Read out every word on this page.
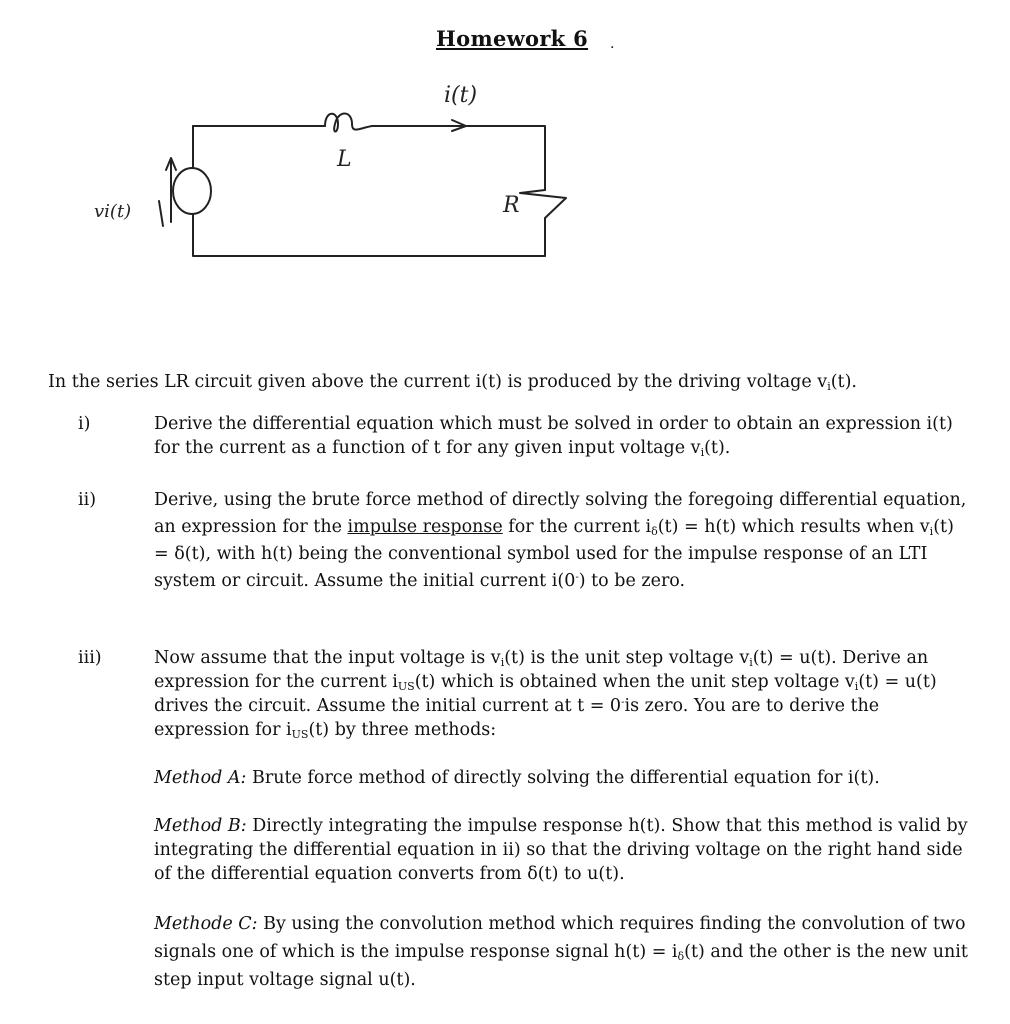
Homework 6 .
i(t)
L
R
vi(t)
In the series LR circuit given above the current i(t) is produced by the driving voltage $v_i(t)$.
i)	Derive the differential equation which must be solved in order to obtain an expression i(t) for the current as a function of t for any given input voltage $v_i(t)$.
ii)	Derive, using the brute force method of directly solving the foregoing differential equation, an expression for the impulse response for the current $i_\delta(t) = h(t)$ which results when $v_i(t) = \delta(t)$, with h(t) being the conventional symbol used for the impulse response of an LTI system or circuit. Assume the initial current i(0-) to be zero.
iii)	Now assume that the input voltage is $v_i(t)$ is the unit step voltage $v_i(t) = u(t)$. Derive an expression for the current $i_{US}(t)$ which is obtained when the unit step voltage $v_i(t) = u(t)$ drives the circuit. Assume the initial current at t = 0-is zero. You are to derive the expression for $i_{US}(t)$ by three methods:

Method A: Brute force method of directly solving the differential equation for i(t).

Method B: Directly integrating the impulse response h(t). Show that this method is valid by integrating the differential equation in ii) so that the driving voltage on the right hand side of the differential equation converts from δ(t) to u(t).

Methode C: By using the convolution method which requires finding the convolution of two signals one of which is the impulse response signal $h(t) = i_\delta(t)$ and the other is the new unit step input voltage signal u(t).
